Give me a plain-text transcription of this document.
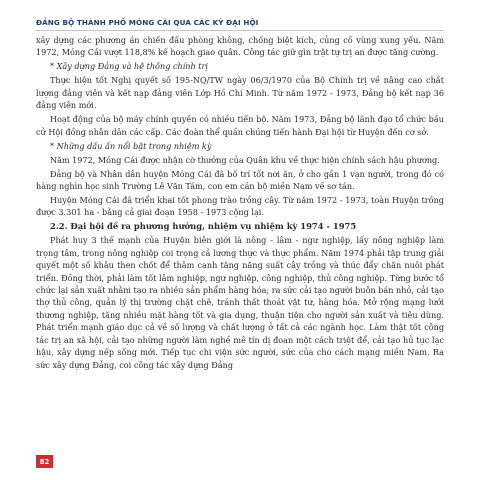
ĐẢNG BỘ THÀNH PHỐ MÓNG CÁI QUA CÁC KỲ ĐẠI HỘI

xây dựng các phương án chiến đấu phòng không, chống biệt kích, củng cố vùng xung yếu. Năm 1972, Móng Cái vượt 118,8% kế hoạch giao quân. Công tác giữ gìn trật tự trị an được tăng cường.

* Xây dựng Đảng và hệ thống chính trị

Thực hiện tốt Nghị quyết số 195-NQ/TW ngày 06/3/1970 của Bộ Chính trị về nâng cao chất lượng đảng viên và kết nạp đảng viên Lớp Hồ Chí Minh. Từ năm 1972 - 1973, Đảng bộ kết nạp 36 đảng viên mới.

Hoạt động của bộ máy chính quyền có nhiều tiến bộ. Năm 1973, Đảng bộ lãnh đạo tổ chức bầu cử Hội đồng nhân dân các cấp. Các đoàn thể quần chúng tiến hành Đại hội từ Huyện đến cơ sở.

* Những dấu ấn nổi bật trong nhiệm kỳ

Năm 1972, Móng Cái được nhận cờ thưởng của Quân khu về thực hiện chính sách hậu phương.

Đảng bộ và Nhân dân huyện Móng Cái đã bố trí tốt nơi ăn, ở cho gần 1 vạn người, trong đó có hàng nghìn học sinh Trường Lê Văn Tám, con em cán bộ miền Nam về sơ tán.

Huyện Móng Cái đã triển khai tốt phong trào trồng cây. Từ năm 1972 - 1973, toàn Huyện trồng được 3.301 ha - bằng cả giai đoạn 1958 - 1973 cộng lại.

2.2. Đại hội đề ra phương hướng, nhiệm vụ nhiệm kỳ 1974 - 1975

Phát huy 3 thế mạnh của Huyện biên giới là nông - lâm - ngư nghiệp, lấy nông nghiệp làm trọng tâm, trong nông nghiệp coi trọng cả lương thực và thực phẩm. Năm 1974 phải tập trung giải quyết một số khâu then chốt để thâm canh tăng năng suất cây trồng và thúc đẩy chăn nuôi phát triển. Đồng thời, phải làm tốt lâm nghiệp, ngư nghiệp, công nghiệp, thủ công nghiệp. Từng bước tổ chức lại sản xuất nhằm tạo ra nhiều sản phẩm hàng hóa; ra sức cải tạo người buôn bán nhỏ, cải tạo thợ thủ công, quản lý thị trường chặt chẽ, tránh thất thoát vật tư, hàng hóa. Mở rộng mạng lưới thương nghiệp, tăng nhiều mặt hàng tốt và gia dụng, thuận tiện cho người sản xuất và tiêu dùng. Phát triển mạnh giáo dục cả về số lượng và chất lượng ở tất cả các ngành học. Làm thật tốt công tác trị an xã hội, cải tạo những người làm nghề mê tín dị đoan một cách triệt để, cải tạo hủ tục lạc hậu, xây dựng nếp sống mới. Tiếp tục chi viện sức người, sức của cho cách mạng miền Nam. Ra sức xây dựng Đảng, coi công tác xây dựng Đảng

82
